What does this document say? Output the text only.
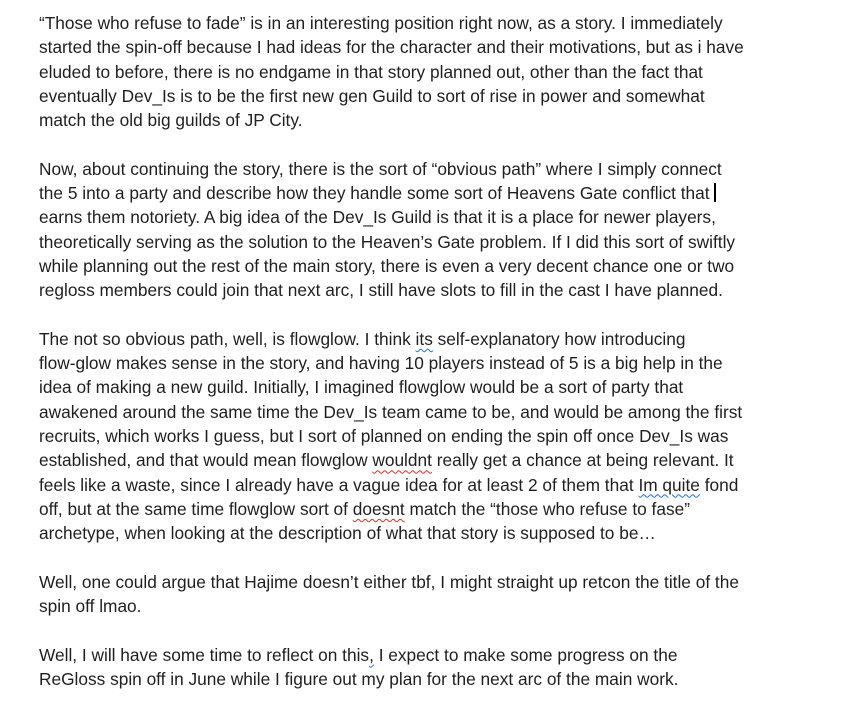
“Those who refuse to fade” is in an interesting position right now, as a story. I immediately
started the spin-off because I had ideas for the character and their motivations, but as i have
eluded to before, there is no endgame in that story planned out, other than the fact that
eventually Dev_Is is to be the first new gen Guild to sort of rise in power and somewhat
match the old big guilds of JP City.

Now, about continuing the story, there is the sort of “obvious path” where I simply connect
the 5 into a party and describe how they handle some sort of Heavens Gate conflict that
earns them notoriety. A big idea of the Dev_Is Guild is that it is a place for newer players,
theoretically serving as the solution to the Heaven’s Gate problem. If I did this sort of swiftly
while planning out the rest of the main story, there is even a very decent chance one or two
regloss members could join that next arc, I still have slots to fill in the cast I have planned.

The not so obvious path, well, is flowglow. I think its self-explanatory how introducing
flow-glow makes sense in the story, and having 10 players instead of 5 is a big help in the
idea of making a new guild. Initially, I imagined flowglow would be a sort of party that
awakened around the same time the Dev_Is team came to be, and would be among the first
recruits, which works I guess, but I sort of planned on ending the spin off once Dev_Is was
established, and that would mean flowglow wouldnt really get a chance at being relevant. It
feels like a waste, since I already have a vague idea for at least 2 of them that Im quite fond
off, but at the same time flowglow sort of doesnt match the “those who refuse to fase”
archetype, when looking at the description of what that story is supposed to be…

Well, one could argue that Hajime doesn’t either tbf, I might straight up retcon the title of the
spin off lmao.

Well, I will have some time to reflect on this, I expect to make some progress on the
ReGloss spin off in June while I figure out my plan for the next arc of the main work.
